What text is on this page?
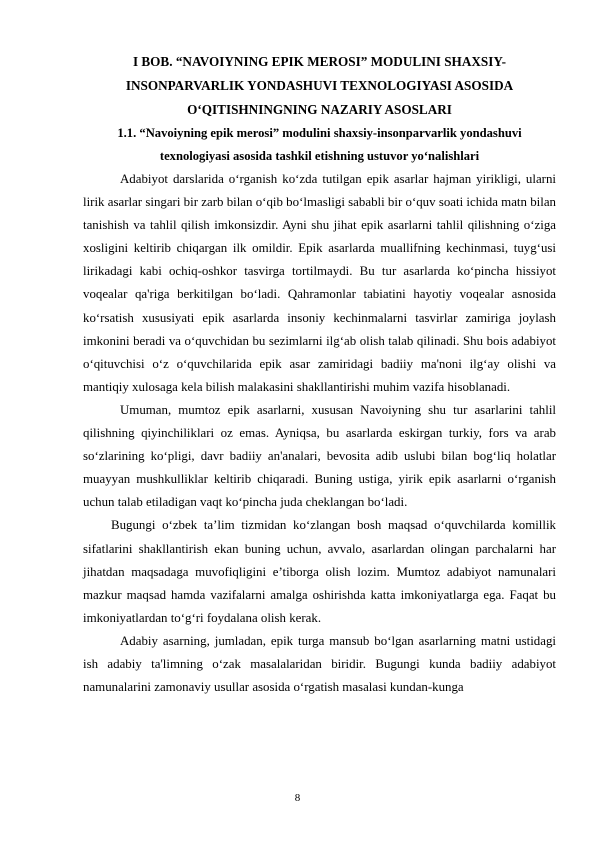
I BOB. “NAVOIYNING EPIK MEROSI” MODULINI SHAXSIY-
INSONPARVARLIK YONDASHUVI TEXNOLOGIYASI ASOSIDA
O‘QITISHNINGNING NAZARIY ASOSLARI

1.1. “Navoiyning epik merosi” modulini shaxsiy-insonparvarlik yondashuvi
texnologiyasi asosida tashkil etishning ustuvor yo‘nalishlari

Adabiyot darslarida o‘rganish ko‘zda tutilgan epik asarlar hajman yirikligi, ularni lirik asarlar singari bir zarb bilan o‘qib bo‘lmasligi sababli bir o‘quv soati ichida matn bilan tanishish va tahlil qilish imkonsizdir. Ayni shu jihat epik asarlarni tahlil qilishning o‘ziga xosligini keltirib chiqargan ilk omildir. Epik asarlarda muallifning kechinmasi, tuyg‘usi lirikadagi kabi ochiq-oshkor tasvirga tortilmaydi. Bu tur asarlarda ko‘pincha hissiyot voqealar qa'riga berkitilgan bo‘ladi. Qahramonlar tabiatini hayotiy voqealar asnosida ko‘rsatish xususiyati epik asarlarda insoniy kechinmalarni tasvirlar zamiriga joylash imkonini beradi va o‘quvchidan bu sezimlarni ilg‘ab olish talab qilinadi. Shu bois adabiyot o‘qituvchisi o‘z o‘quvchilarida epik asar zamiridagi badiiy ma'noni ilg‘ay olishi va mantiqiy xulosaga kela bilish malakasini shakllantirishi muhim vazifa hisoblanadi.

Umuman, mumtoz epik asarlarni, xususan Navoiyning shu tur asarlarini tahlil qilishning qiyinchiliklari oz emas. Ayniqsa, bu asarlarda eskirgan turkiy, fors va arab so‘zlarining ko‘pligi, davr badiiy an'analari, bevosita adib uslubi bilan bog‘liq holatlar muayyan mushkulliklar keltirib chiqaradi. Buning ustiga, yirik epik asarlarni o‘rganish uchun talab etiladigan vaqt ko‘pincha juda cheklangan bo‘ladi.

Bugungi o‘zbek ta’lim tizmidan ko‘zlangan bosh maqsad o‘quvchilarda komillik sifatlarini shakllantirish ekan buning uchun, avvalo, asarlardan olingan parchalarni har jihatdan maqsadaga muvofiqligini e’tiborga olish lozim. Mumtoz adabiyot namunalari mazkur maqsad hamda vazifalarni amalga oshirishda katta imkoniyatlarga ega. Faqat bu imkoniyatlardan to‘g‘ri foydalana olish kerak.

Adabiy asarning, jumladan, epik turga mansub bo‘lgan asarlarning matni ustidagi ish adabiy ta'limning o‘zak masalalaridan biridir. Bugungi kunda badiiy adabiyot namunalarini zamonaviy usullar asosida o‘rgatish masalasi kundan-kunga

8
